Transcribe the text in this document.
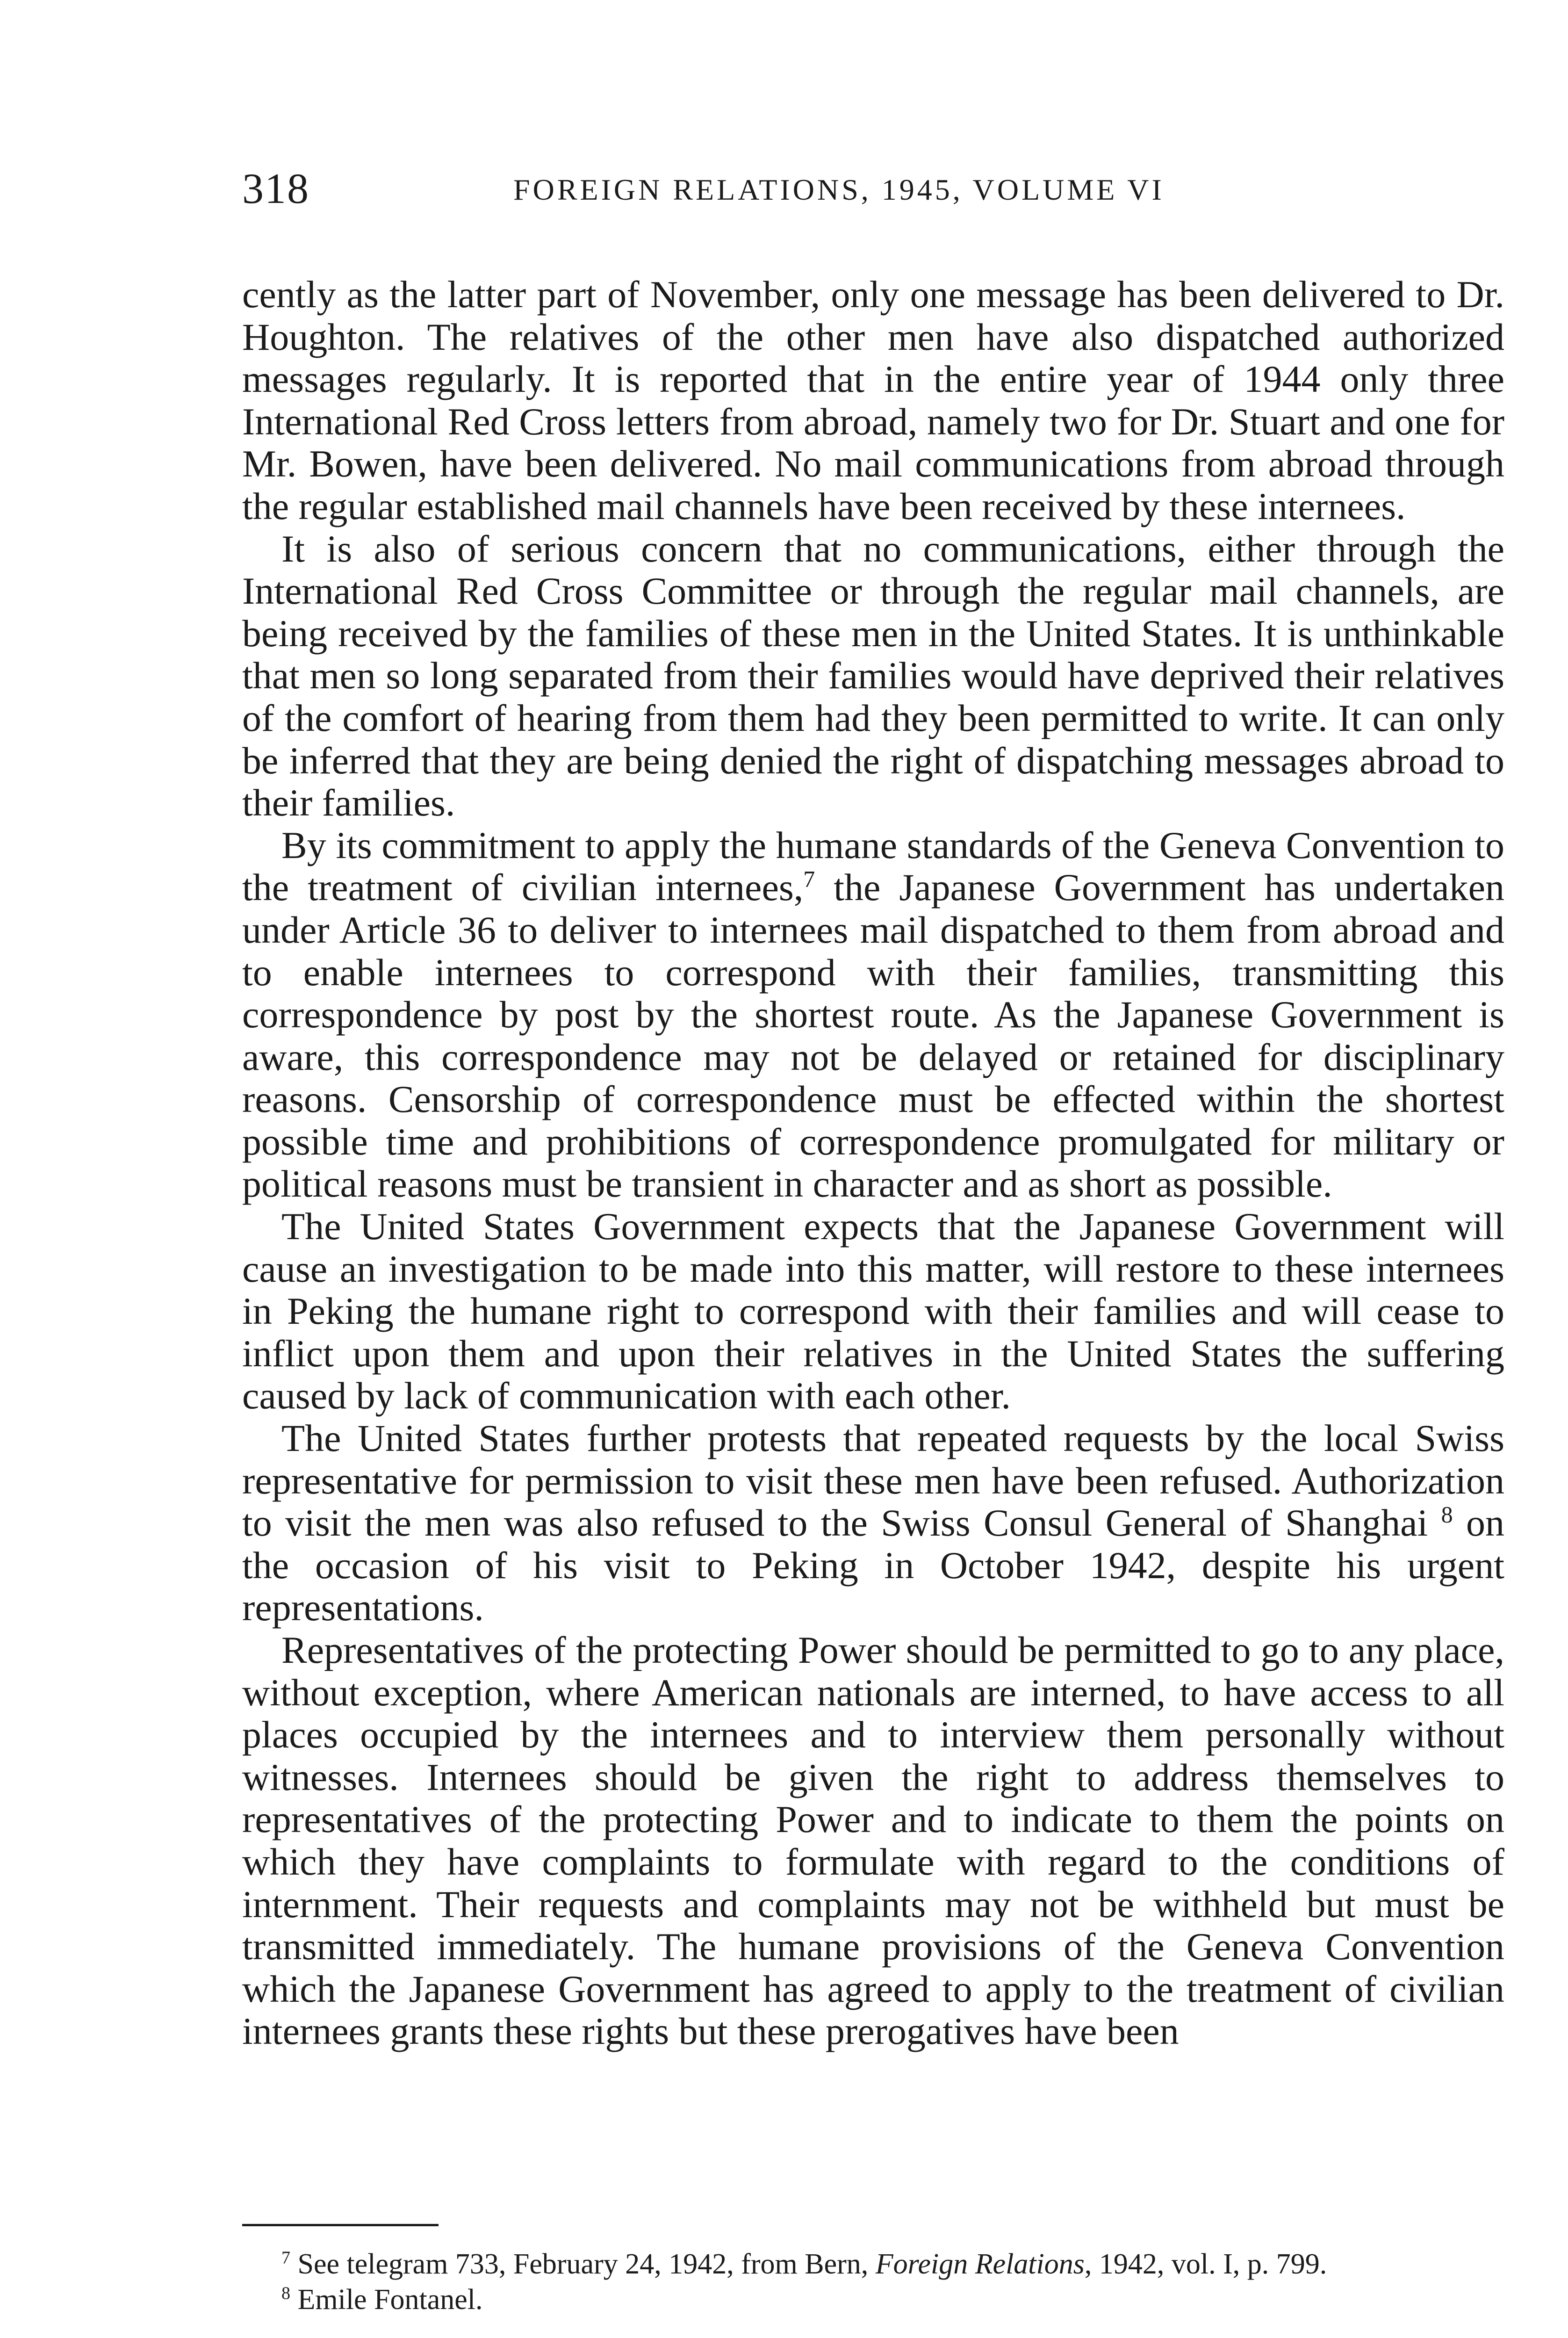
318	FOREIGN RELATIONS, 1945, VOLUME VI

cently as the latter part of November, only one message has been delivered to Dr. Houghton. The relatives of the other men have also dispatched authorized messages regularly. It is reported that in the entire year of 1944 only three International Red Cross letters from abroad, namely two for Dr. Stuart and one for Mr. Bowen, have been delivered. No mail communications from abroad through the regular established mail channels have been received by these internees.

It is also of serious concern that no communications, either through the International Red Cross Committee or through the regular mail channels, are being received by the families of these men in the United States. It is unthinkable that men so long separated from their families would have deprived their relatives of the comfort of hearing from them had they been permitted to write. It can only be inferred that they are being denied the right of dispatching messages abroad to their families.

By its commitment to apply the humane standards of the Geneva Convention to the treatment of civilian internees,$^7$ the Japanese Government has undertaken under Article 36 to deliver to internees mail dispatched to them from abroad and to enable internees to correspond with their families, transmitting this correspondence by post by the shortest route. As the Japanese Government is aware, this correspondence may not be delayed or retained for disciplinary reasons. Censorship of correspondence must be effected within the shortest possible time and prohibitions of correspondence promulgated for military or political reasons must be transient in character and as short as possible.

The United States Government expects that the Japanese Government will cause an investigation to be made into this matter, will restore to these internees in Peking the humane right to correspond with their families and will cease to inflict upon them and upon their relatives in the United States the suffering caused by lack of communication with each other.

The United States further protests that repeated requests by the local Swiss representative for permission to visit these men have been refused. Authorization to visit the men was also refused to the Swiss Consul General of Shanghai $^8$ on the occasion of his visit to Peking in October 1942, despite his urgent representations.

Representatives of the protecting Power should be permitted to go to any place, without exception, where American nationals are interned, to have access to all places occupied by the internees and to interview them personally without witnesses. Internees should be given the right to address themselves to representatives of the protecting Power and to indicate to them the points on which they have complaints to formulate with regard to the conditions of internment. Their requests and complaints may not be withheld but must be transmitted immediately. The humane provisions of the Geneva Convention which the Japanese Government has agreed to apply to the treatment of civilian internees grants these rights but these prerogatives have been

$^7$ See telegram 733, February 24, 1942, from Bern, Foreign Relations, 1942, vol. I, p. 799.

$^8$ Emile Fontanel.
